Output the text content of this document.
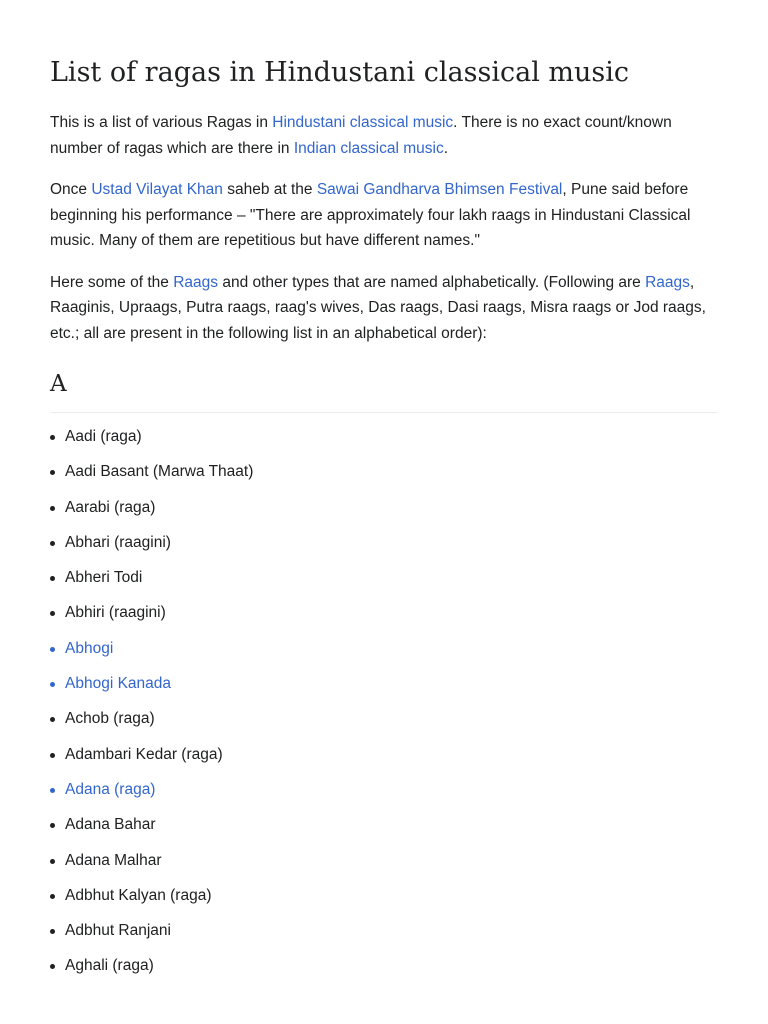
List of ragas in Hindustani classical music

This is a list of various Ragas in Hindustani classical music. There is no exact count/known number of ragas which are there in Indian classical music.

Once Ustad Vilayat Khan saheb at the Sawai Gandharva Bhimsen Festival, Pune said before beginning his performance – "There are approximately four lakh raags in Hindustani Classical music. Many of them are repetitious but have different names."

Here some of the Raags and other types that are named alphabetically. (Following are Raags, Raaginis, Upraags, Putra raags, raag's wives, Das raags, Dasi raags, Misra raags or Jod raags, etc.; all are present in the following list in an alphabetical order):

A
Aadi (raga)
Aadi Basant (Marwa Thaat)
Aarabi (raga)
Abhari (raagini)
Abheri Todi
Abhiri (raagini)
Abhogi
Abhogi Kanada
Achob (raga)
Adambari Kedar (raga)
Adana (raga)
Adana Bahar
Adana Malhar
Adbhut Kalyan (raga)
Adbhut Ranjani
Aghali (raga)
